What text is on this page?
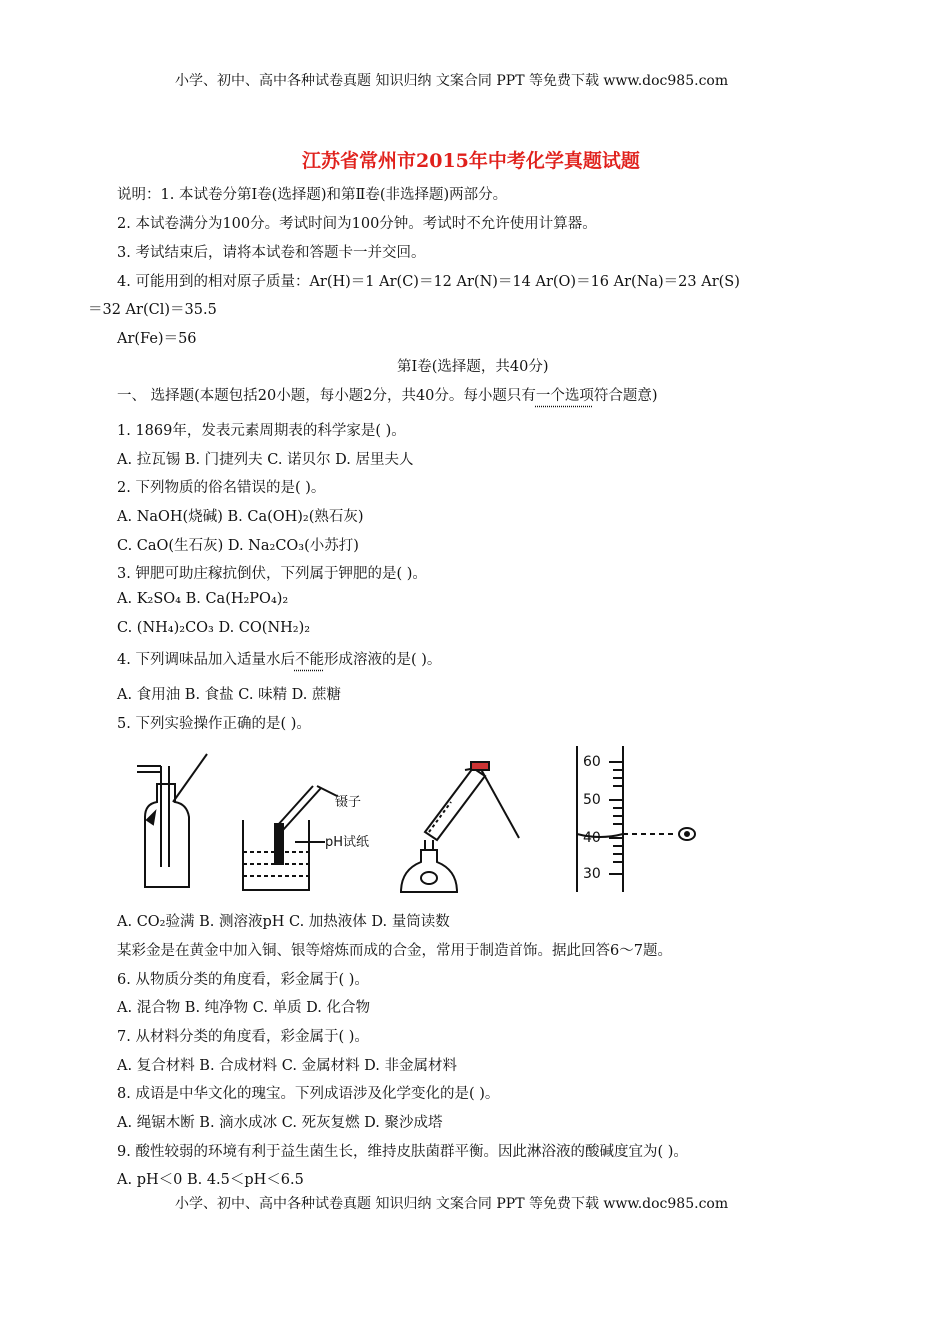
小学、初中、高中各种试卷真题 知识归纳 文案合同 PPT 等免费下载 www.doc985.com
江苏省常州市2015年中考化学真题试题
说明：1. 本试卷分第Ⅰ卷(选择题)和第Ⅱ卷(非选择题)两部分。
2. 本试卷满分为100分。考试时间为100分钟。考试时不允许使用计算器。
3. 考试结束后，请将本试卷和答题卡一并交回。
4. 可能用到的相对原子质量：Ar(H)＝1 Ar(C)＝12 Ar(N)＝14 Ar(O)＝16 Ar(Na)＝23 Ar(S)
＝32 Ar(Cl)＝35.5
Ar(Fe)＝56
第Ⅰ卷(选择题，共40分)
一、 选择题(本题包括20小题，每小题2分，共40分。每小题只有一个选项符合题意)
1. 1869年，发表元素周期表的科学家是( )。
A. 拉瓦锡 B. 门捷列夫 C. 诺贝尔 D. 居里夫人
2. 下列物质的俗名错误的是( )。
A. NaOH(烧碱) B. Ca(OH)₂(熟石灰)
C. CaO(生石灰) D. Na₂CO₃(小苏打)
3. 钾肥可助庄稼抗倒伏，下列属于钾肥的是( )。
A. K₂SO₄ B. Ca(H₂PO₄)₂
C. (NH₄)₂CO₃ D. CO(NH₂)₂
4. 下列调味品加入适量水后不能形成溶液的是( )。
A. 食用油 B. 食盐 C. 味精 D. 蔗糖
5. 下列实验操作正确的是( )。
镊子
pH试纸
60
50
40
30
A. CO₂验满 B. 测溶液pH C. 加热液体 D. 量筒读数
某彩金是在黄金中加入铜、银等熔炼而成的合金，常用于制造首饰。据此回答6～7题。
6. 从物质分类的角度看，彩金属于( )。
A. 混合物 B. 纯净物 C. 单质 D. 化合物
7. 从材料分类的角度看，彩金属于( )。
A. 复合材料 B. 合成材料 C. 金属材料 D. 非金属材料
8. 成语是中华文化的瑰宝。下列成语涉及化学变化的是( )。
A. 绳锯木断 B. 滴水成冰 C. 死灰复燃 D. 聚沙成塔
9. 酸性较弱的环境有利于益生菌生长，维持皮肤菌群平衡。因此淋浴液的酸碱度宜为( )。
A. pH＜0 B. 4.5＜pH＜6.5
小学、初中、高中各种试卷真题 知识归纳 文案合同 PPT 等免费下载 www.doc985.com
